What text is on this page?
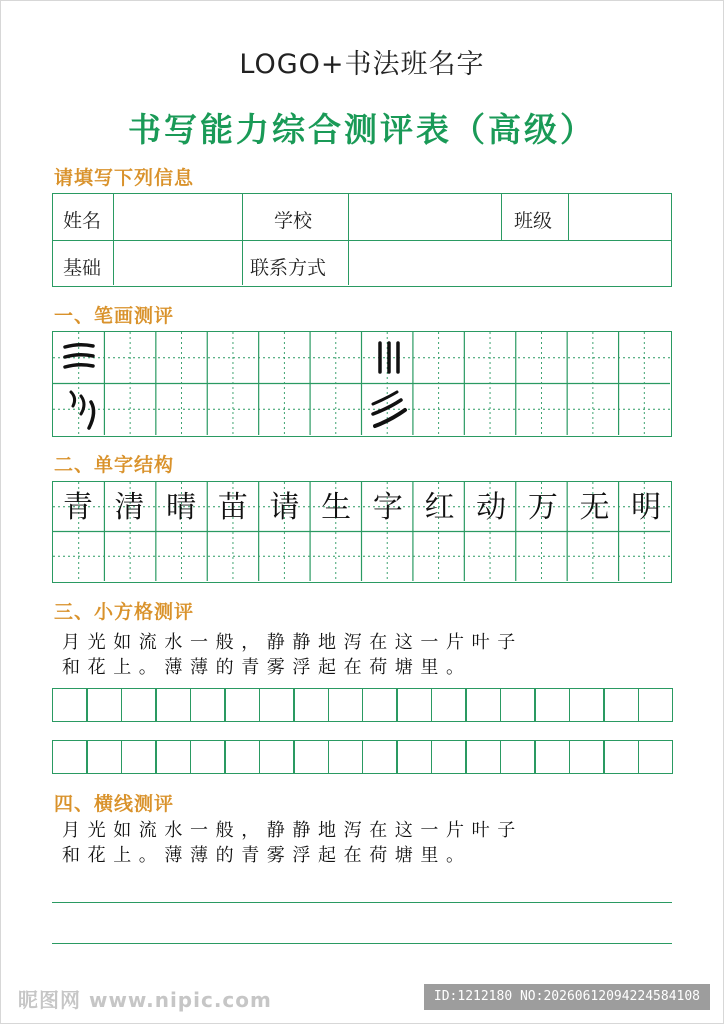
LOGO+书法班名字
书写能力综合测评表（高级）
请填写下列信息
姓名	学校	班级
基础	联系方式
一、笔画测评
二、单字结构
青 清 晴 苗 请 生 字 红 动 万 无 明
三、小方格测评
月光如流水一般，静静地泻在这一片叶子
和花上。薄薄的青雾浮起在荷塘里。
四、横线测评
月光如流水一般，静静地泻在这一片叶子
和花上。薄薄的青雾浮起在荷塘里。
昵图网 www.nipic.com	ID:1212180 NO:20260612094224584108
